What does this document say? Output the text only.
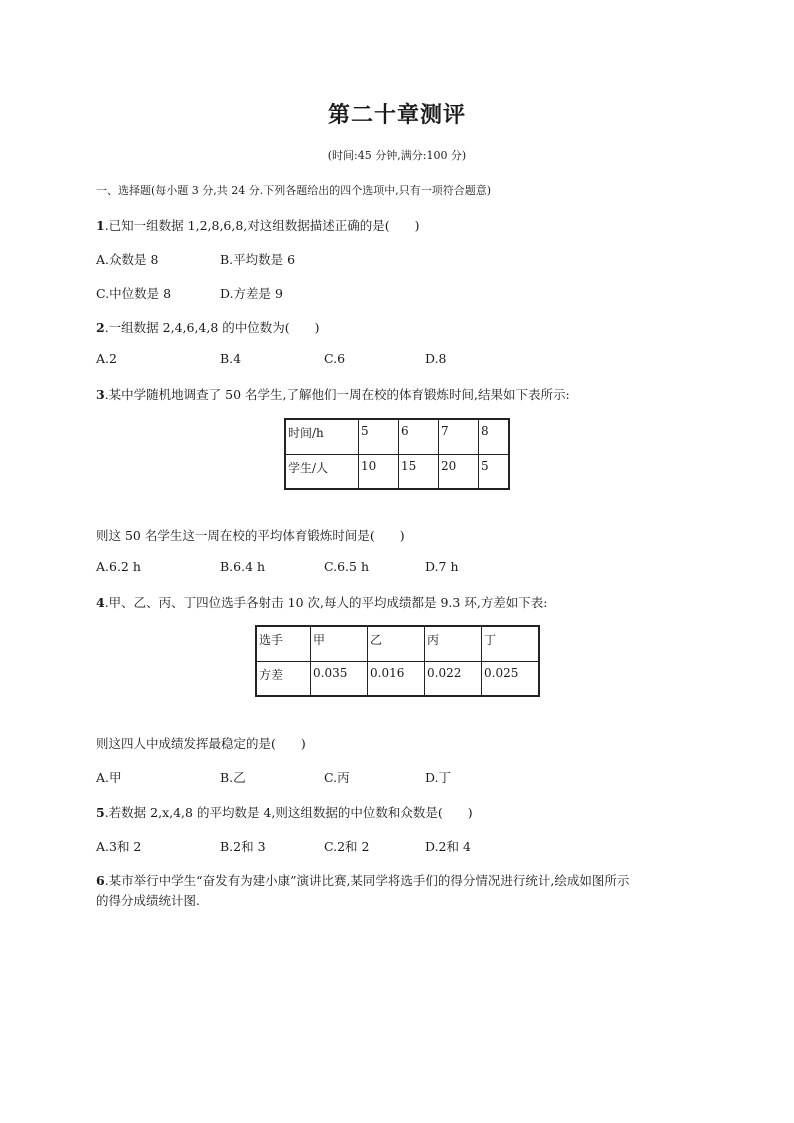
第二十章测评
(时间:45 分钟,满分:100 分)
一、选择题(每小题 3 分,共 24 分.下列各题给出的四个选项中,只有一项符合题意)
1.已知一组数据 1,2,8,6,8,对这组数据描述正确的是(　　)
A.众数是 8	B.平均数是 6
C.中位数是 8	D.方差是 9
2.一组数据 2,4,6,4,8 的中位数为(　　)
A.2	B.4	C.6	D.8
3.某中学随机地调查了 50 名学生,了解他们一周在校的体育锻炼时间,结果如下表所示:
时间/h	5	6	7	8
学生/人	10	15	20	5
则这 50 名学生这一周在校的平均体育锻炼时间是(　　)
A.6.2 h	B.6.4 h	C.6.5 h	D.7 h
4.甲、乙、丙、丁四位选手各射击 10 次,每人的平均成绩都是 9.3 环,方差如下表:
选手	甲	乙	丙	丁
方差	0.035	0.016	0.022	0.025
则这四人中成绩发挥最稳定的是(　　)
A.甲	B.乙	C.丙	D.丁
5.若数据 2,x,4,8 的平均数是 4,则这组数据的中位数和众数是(　　)
A.3和 2	B.2和 3	C.2和 2	D.2和 4
6.某市举行中学生“奋发有为建小康”演讲比赛,某同学将选手们的得分情况进行统计,绘成如图所示
的得分成绩统计图.
